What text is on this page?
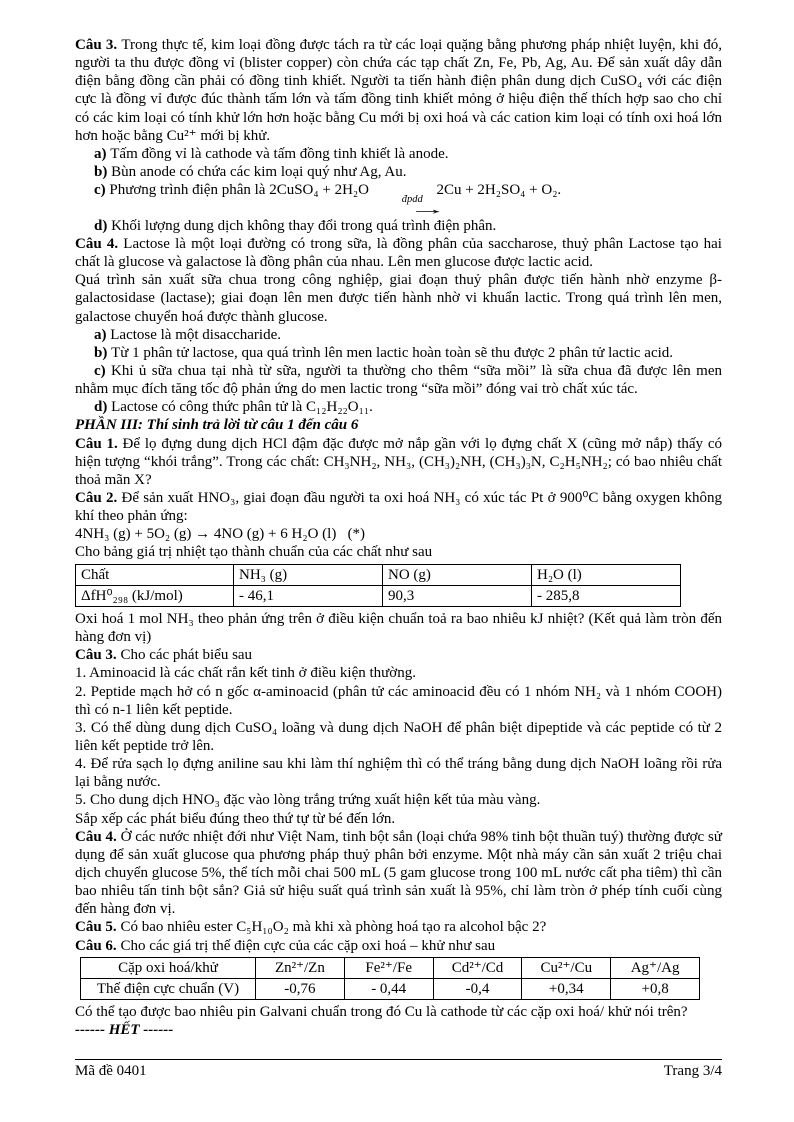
Câu 3. Trong thực tế, kim loại đồng được tách ra từ các loại quặng bằng phương pháp nhiệt luyện, khi đó, người ta thu được đồng vỉ (blister copper) còn chứa các tạp chất Zn, Fe, Pb, Ag, Au. Để sản xuất dây dẫn điện bằng đồng cần phải có đồng tinh khiết. Người ta tiến hành điện phân dung dịch CuSO₄ với các điện cực là đồng vỉ được đúc thành tấm lớn và tấm đồng tinh khiết mỏng ở hiệu điện thế thích hợp sao cho chỉ có các kim loại có tính khử lớn hơn hoặc bằng Cu mới bị oxi hoá và các cation kim loại có tính oxi hoá lớn hơn hoặc bằng Cu²⁺ mới bị khử.

a) Tấm đồng vỉ là cathode và tấm đồng tinh khiết là anode.

b) Bùn anode có chứa các kim loại quý như Ag, Au.

c) Phương trình điện phân là 2CuSO₄ + 2H₂O
đpdd
→
2Cu + 2H₂SO₄ + O₂.

d) Khối lượng dung dịch không thay đổi trong quá trình điện phân.

Câu 4. Lactose là một loại đường có trong sữa, là đồng phân của saccharose, thuỷ phân Lactose tạo hai chất là glucose và galactose là đồng phân của nhau. Lên men glucose được lactic acid.

Quá trình sản xuất sữa chua trong công nghiệp, giai đoạn thuỷ phân được tiến hành nhờ enzyme β-galactosidase (lactase); giai đoạn lên men được tiến hành nhờ vi khuẩn lactic. Trong quá trình lên men, galactose chuyển hoá được thành glucose.

a) Lactose là một disaccharide.

b) Từ 1 phân tử lactose, qua quá trình lên men lactic hoàn toàn sẽ thu được 2 phân tử lactic acid.

c) Khi ủ sữa chua tại nhà từ sữa, người ta thường cho thêm “sữa mồi” là sữa chua đã được lên men nhằm mục đích tăng tốc độ phản ứng do men lactic trong “sữa mồi” đóng vai trò chất xúc tác.

d) Lactose có công thức phân tử là C₁₂H₂₂O₁₁.

PHẦN III: Thí sinh trả lời từ câu 1 đến câu 6

Câu 1. Để lọ đựng dung dịch HCl đậm đặc được mở nắp gần với lọ đựng chất X (cũng mở nắp) thấy có hiện tượng “khói trắng”. Trong các chất: CH₃NH₂, NH₃, (CH₃)₂NH, (CH₃)₃N, C₂H₅NH₂; có bao nhiêu chất thoả mãn X?

Câu 2. Để sản xuất HNO₃, giai đoạn đầu người ta oxi hoá NH₃ có xúc tác Pt ở 900⁰C bằng oxygen không khí theo phản ứng:

4NH₃ (g) + 5O₂ (g) → 4NO (g) + 6 H₂O (l)   (*)

Cho bảng giá trị nhiệt tạo thành chuẩn của các chất như sau

Chất	NH₃ (g)	NO (g)	H₂O (l)
ΔfH⁰₂₉₈ (kJ/mol)	- 46,1	90,3	- 285,8

Oxi hoá 1 mol NH₃ theo phản ứng trên ở điều kiện chuẩn toả ra bao nhiêu kJ nhiệt? (Kết quả làm tròn đến hàng đơn vị)

Câu 3. Cho các phát biểu sau

1. Aminoacid là các chất rắn kết tinh ở điều kiện thường.

2. Peptide mạch hở có n gốc α-aminoacid (phân tử các aminoacid đều có 1 nhóm NH₂ và 1 nhóm COOH) thì có n-1 liên kết peptide.

3. Có thể dùng dung dịch CuSO₄ loãng và dung dịch NaOH để phân biệt dipeptide và các peptide có từ 2 liên kết peptide trở lên.

4. Để rửa sạch lọ đựng aniline sau khi làm thí nghiệm thì có thể tráng bằng dung dịch NaOH loãng rồi rửa lại bằng nước.

5. Cho dung dịch HNO₃ đặc vào lòng trắng trứng xuất hiện kết tủa màu vàng.

Sắp xếp các phát biểu đúng theo thứ tự từ bé đến lớn.

Câu 4. Ở các nước nhiệt đới như Việt Nam, tinh bột sắn (loại chứa 98% tinh bột thuần tuý) thường được sử dụng để sản xuất glucose qua phương pháp thuỷ phân bởi enzyme. Một nhà máy cần sản xuất 2 triệu chai dịch chuyển glucose 5%, thể tích mỗi chai 500 mL (5 gam glucose trong 100 mL nước cất pha tiêm) thì cần bao nhiêu tấn tinh bột sắn? Giả sử hiệu suất quá trình sản xuất là 95%, chỉ làm tròn ở phép tính cuối cùng đến hàng đơn vị.

Câu 5. Có bao nhiêu ester C₅H₁₀O₂ mà khi xà phòng hoá tạo ra alcohol bậc 2?

Câu 6. Cho các giá trị thế điện cực của các cặp oxi hoá – khử như sau

Cặp oxi hoá/khử	Zn²⁺/Zn	Fe²⁺/Fe	Cd²⁺/Cd	Cu²⁺/Cu	Ag⁺/Ag
Thế điện cực chuẩn (V)	-0,76	- 0,44	-0,4	+0,34	+0,8

Có thể tạo được bao nhiêu pin Galvani chuẩn trong đó Cu là cathode từ các cặp oxi hoá/ khử nói trên?

------ HẾT ------

Mã đề 0401	Trang 3/4
